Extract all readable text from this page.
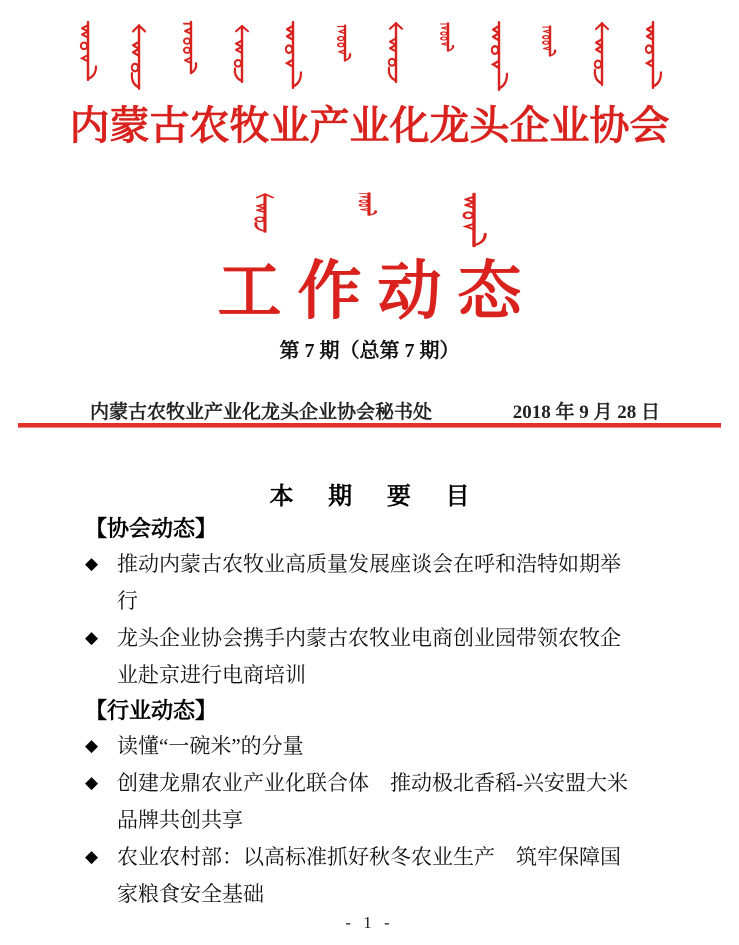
内蒙古农牧业产业化龙头企业协会
工作动态
第 7 期（总第 7 期）
内蒙古农牧业产业化龙头企业协会秘书处	2018 年 9 月 28 日
本 期 要 目
【协会动态】
◆ 推动内蒙古农牧业高质量发展座谈会在呼和浩特如期举行
◆ 龙头企业协会携手内蒙古农牧业电商创业园带领农牧企业赴京进行电商培训
【行业动态】
◆ 读懂“一碗米”的分量
◆ 创建龙鼎农业产业化联合体　推动极北香稻-兴安盟大米品牌共创共享
◆ 农业农村部：以高标准抓好秋冬农业生产　筑牢保障国家粮食安全基础
- 1 -
